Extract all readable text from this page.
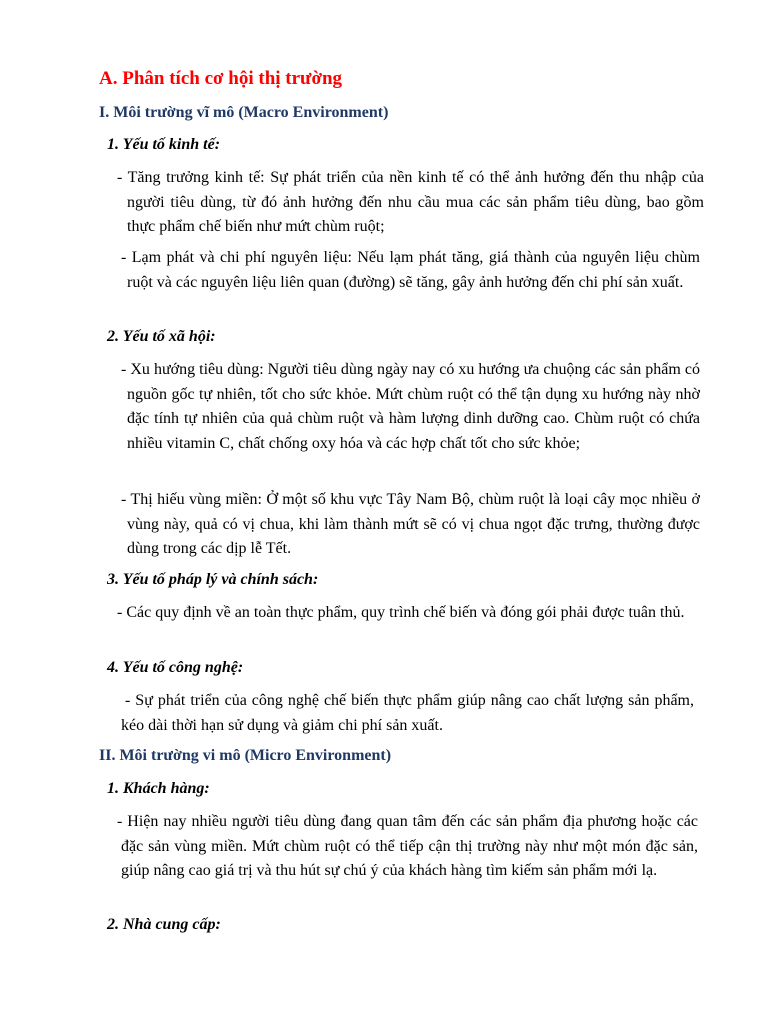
A. Phân tích cơ hội thị trường
I. Môi trường vĩ mô (Macro Environment)
1. Yếu tố kinh tế:
- Tăng trưởng kinh tế: Sự phát triển của nền kinh tế có thể ảnh hưởng đến thu nhập của người tiêu dùng, từ đó ảnh hưởng đến nhu cầu mua các sản phẩm tiêu dùng, bao gồm thực phẩm chế biến như mứt chùm ruột;
- Lạm phát và chi phí nguyên liệu: Nếu lạm phát tăng, giá thành của nguyên liệu chùm ruột và các nguyên liệu liên quan (đường) sẽ tăng, gây ảnh hưởng đến chi phí sản xuất.
2. Yếu tố xã hội:
- Xu hướng tiêu dùng: Người tiêu dùng ngày nay có xu hướng ưa chuộng các sản phẩm có nguồn gốc tự nhiên, tốt cho sức khỏe. Mứt chùm ruột có thể tận dụng xu hướng này nhờ đặc tính tự nhiên của quả chùm ruột và hàm lượng dinh dưỡng cao. Chùm ruột có chứa nhiều vitamin C, chất chống oxy hóa và các hợp chất tốt cho sức khỏe;
- Thị hiếu vùng miền: Ở một số khu vực Tây Nam Bộ, chùm ruột là loại cây mọc nhiều ở vùng này, quả có vị chua, khi làm thành mứt sẽ có vị chua ngọt đặc trưng, thường được dùng trong các dịp lễ Tết.
3. Yếu tố pháp lý và chính sách:
- Các quy định về an toàn thực phẩm, quy trình chế biến và đóng gói phải được tuân thủ.
4. Yếu tố công nghệ:
- Sự phát triển của công nghệ chế biến thực phẩm giúp nâng cao chất lượng sản phẩm, kéo dài thời hạn sử dụng và giảm chi phí sản xuất.
II. Môi trường vi mô (Micro Environment)
1. Khách hàng:
- Hiện nay nhiều người tiêu dùng đang quan tâm đến các sản phẩm địa phương hoặc các đặc sản vùng miền. Mứt chùm ruột có thể tiếp cận thị trường này như một món đặc sản, giúp nâng cao giá trị và thu hút sự chú ý của khách hàng tìm kiếm sản phẩm mới lạ.
2. Nhà cung cấp:
